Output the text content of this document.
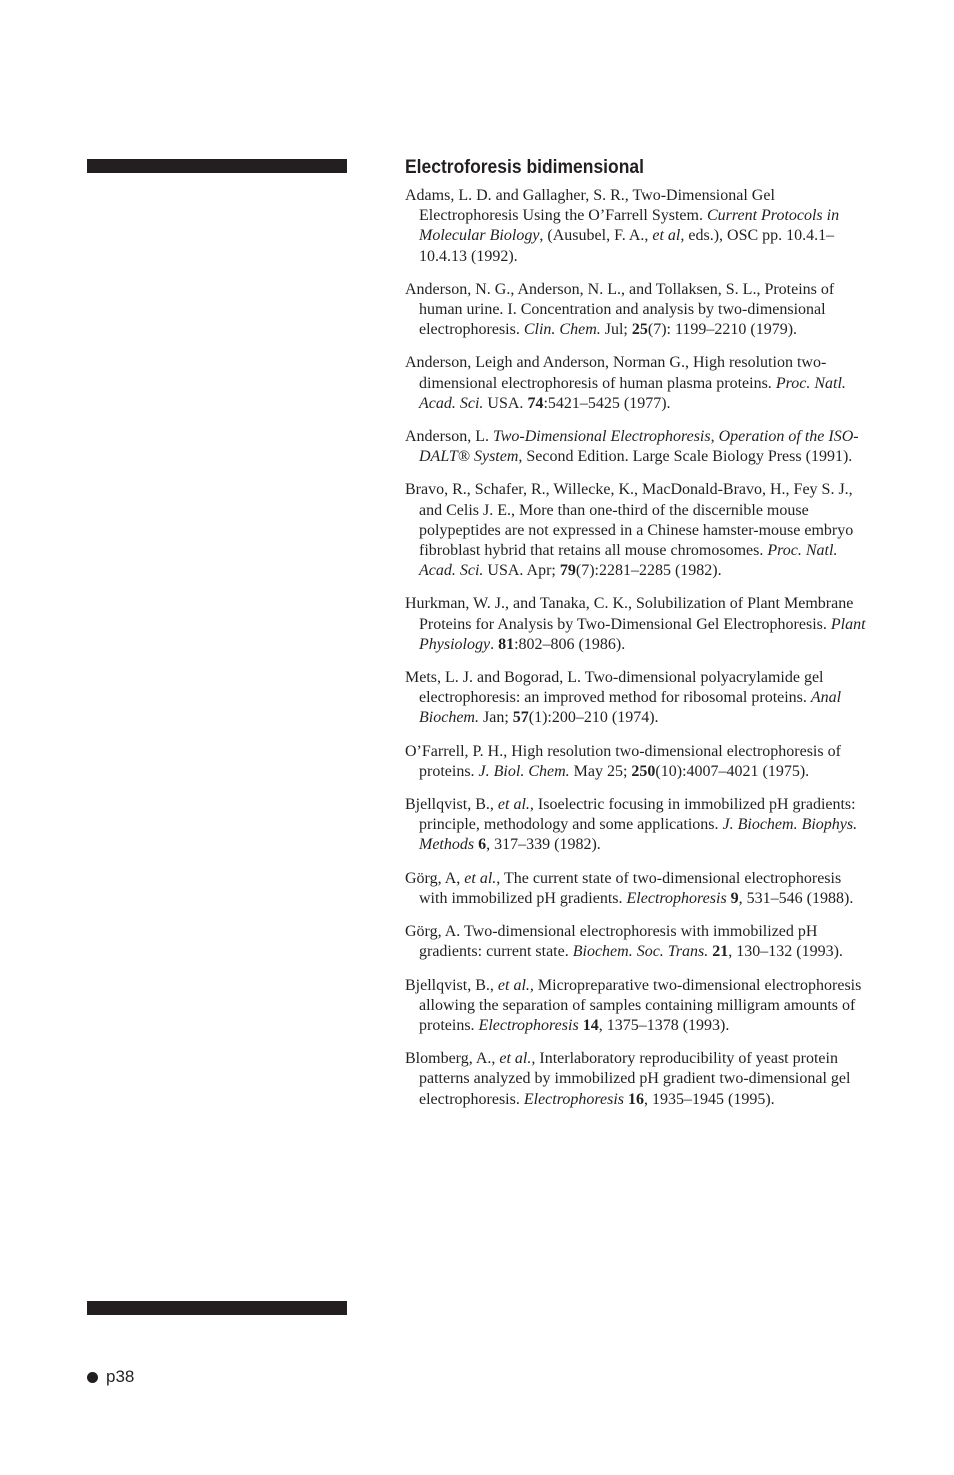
Electroforesis bidimensional
Adams, L. D. and Gallagher, S. R., Two-Dimensional Gel Electrophoresis Using the O’Farrell System. Current Protocols in Molecular Biology, (Ausubel, F. A., et al, eds.), OSC pp. 10.4.1–10.4.13 (1992).
Anderson, N. G., Anderson, N. L., and Tollaksen, S. L., Proteins of human urine. I. Concentration and analysis by two-dimensional electrophoresis. Clin. Chem. Jul; 25(7): 1199–2210 (1979).
Anderson, Leigh and Anderson, Norman G., High resolution two-dimensional electrophoresis of human plasma proteins. Proc. Natl. Acad. Sci. USA. 74:5421–5425 (1977).
Anderson, L. Two-Dimensional Electrophoresis, Operation of the ISO-DALT® System, Second Edition. Large Scale Biology Press (1991).
Bravo, R., Schafer, R., Willecke, K., MacDonald-Bravo, H., Fey S. J., and Celis J. E., More than one-third of the discernible mouse polypeptides are not expressed in a Chinese hamster-mouse embryo fibroblast hybrid that retains all mouse chromosomes. Proc. Natl. Acad. Sci. USA. Apr; 79(7):2281–2285 (1982).
Hurkman, W. J., and Tanaka, C. K., Solubilization of Plant Membrane Proteins for Analysis by Two-Dimensional Gel Electrophoresis. Plant Physiology. 81:802–806 (1986).
Mets, L. J. and Bogorad, L. Two-dimensional polyacrylamide gel electrophoresis: an improved method for ribosomal proteins. Anal Biochem. Jan; 57(1):200–210 (1974).
O’Farrell, P. H., High resolution two-dimensional electrophoresis of proteins. J. Biol. Chem. May 25; 250(10):4007–4021 (1975).
Bjellqvist, B., et al., Isoelectric focusing in immobilized pH gradients: principle, methodology and some applications. J. Biochem. Biophys. Methods 6, 317–339 (1982).
Görg, A, et al., The current state of two-dimensional electrophoresis with immobilized pH gradients. Electrophoresis 9, 531–546 (1988).
Görg, A. Two-dimensional electrophoresis with immobilized pH gradients: current state. Biochem. Soc. Trans. 21, 130–132 (1993).
Bjellqvist, B., et al., Micropreparative two-dimensional electrophoresis allowing the separation of samples containing milligram amounts of proteins. Electrophoresis 14, 1375–1378 (1993).
Blomberg, A., et al., Interlaboratory reproducibility of yeast protein patterns analyzed by immobilized pH gradient two-dimensional gel electrophoresis. Electrophoresis 16, 1935–1945 (1995).
p38
